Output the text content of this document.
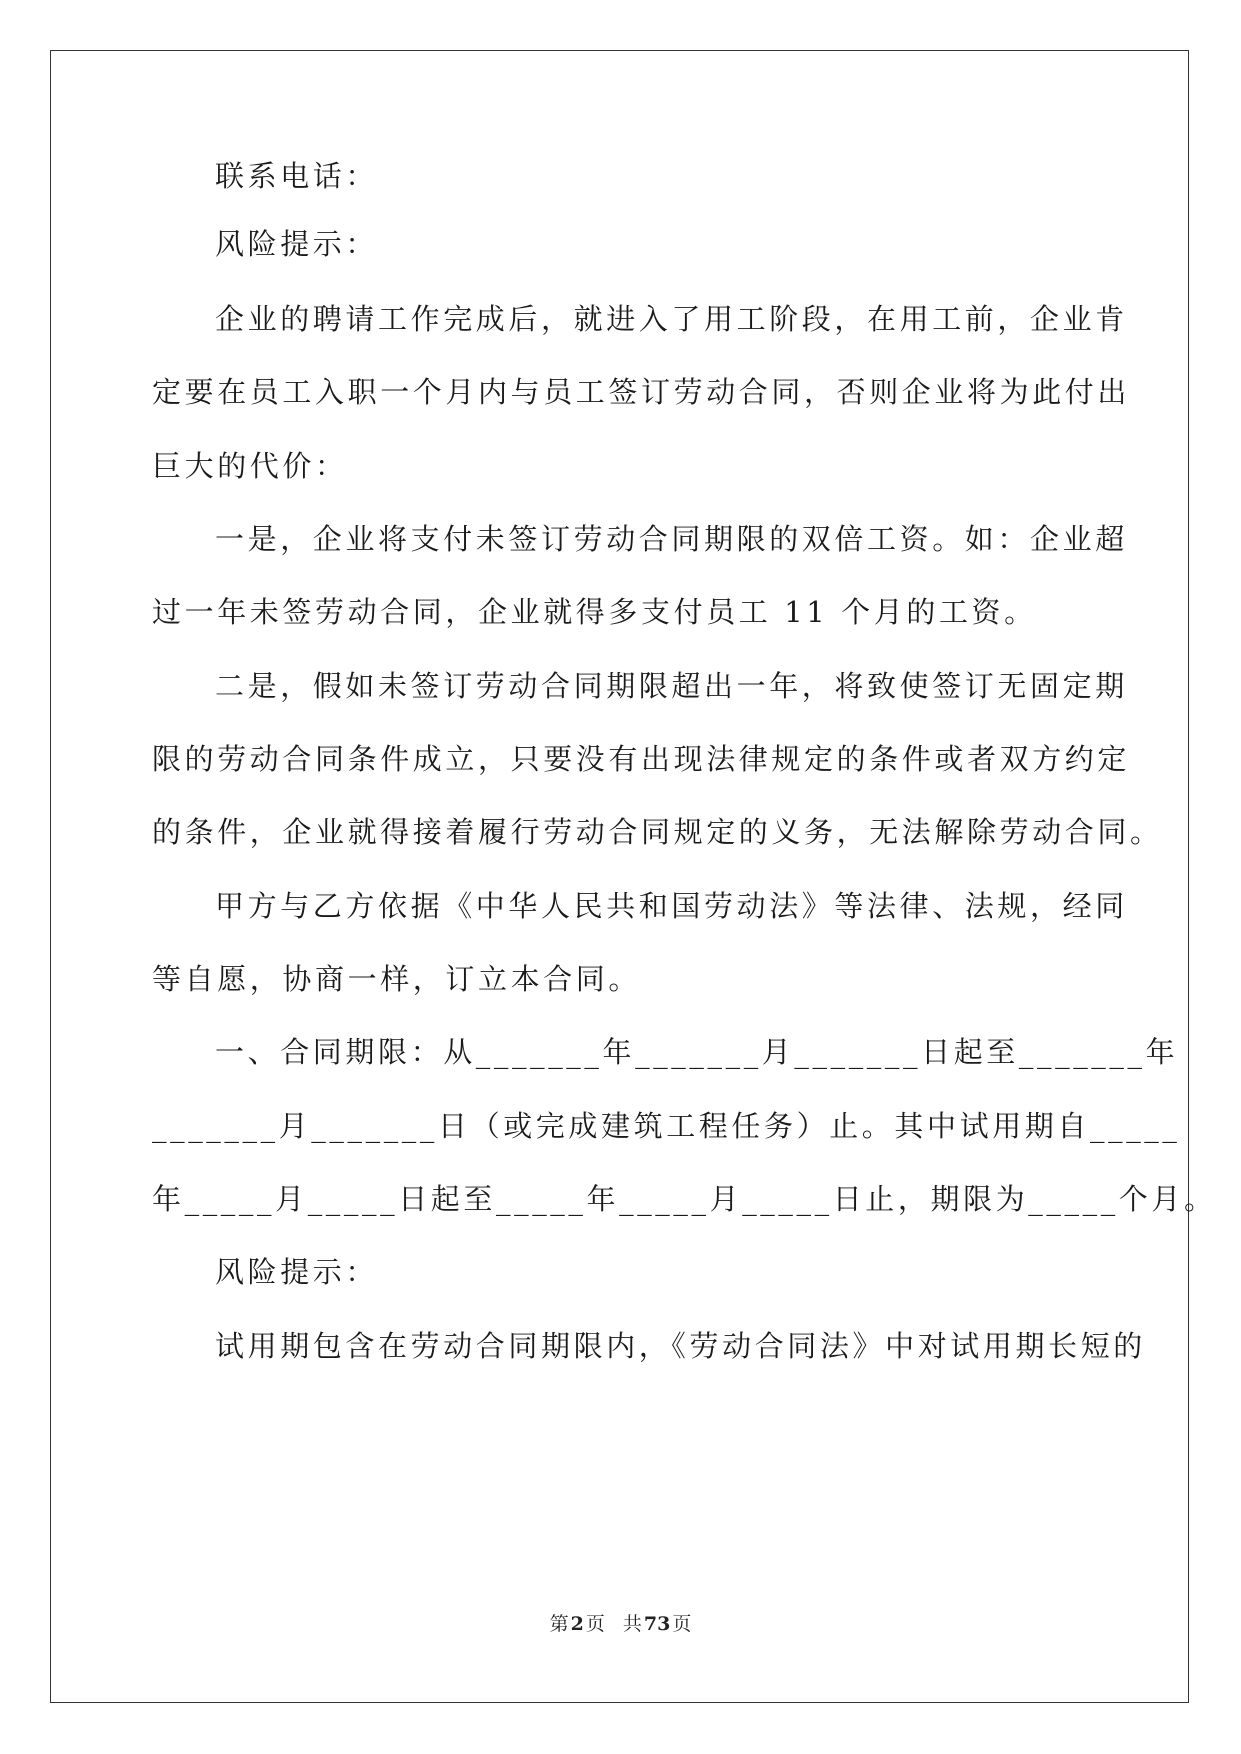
联系电话：
风险提示：
企业的聘请工作完成后，就进入了用工阶段，在用工前，企业肯
定要在员工入职一个月内与员工签订劳动合同，否则企业将为此付出
巨大的代价：
一是，企业将支付未签订劳动合同期限的双倍工资。如：企业超
过一年未签劳动合同，企业就得多支付员工 11 个月的工资。
二是，假如未签订劳动合同期限超出一年，将致使签订无固定期
限的劳动合同条件成立，只要没有出现法律规定的条件或者双方约定
的条件，企业就得接着履行劳动合同规定的义务，无法解除劳动合同。
甲方与乙方依据《中华人民共和国劳动法》等法律、法规，经同
等自愿，协商一样，订立本合同。
一、合同期限：从_______年_______月_______日起至_______年
_______月_______日（或完成建筑工程任务）止。其中试用期自_____
年_____月_____日起至_____年_____月_____日止，期限为_____个月。
风险提示：
试用期包含在劳动合同期限内，《劳动合同法》中对试用期长短的
第 2 页 共 73 页
